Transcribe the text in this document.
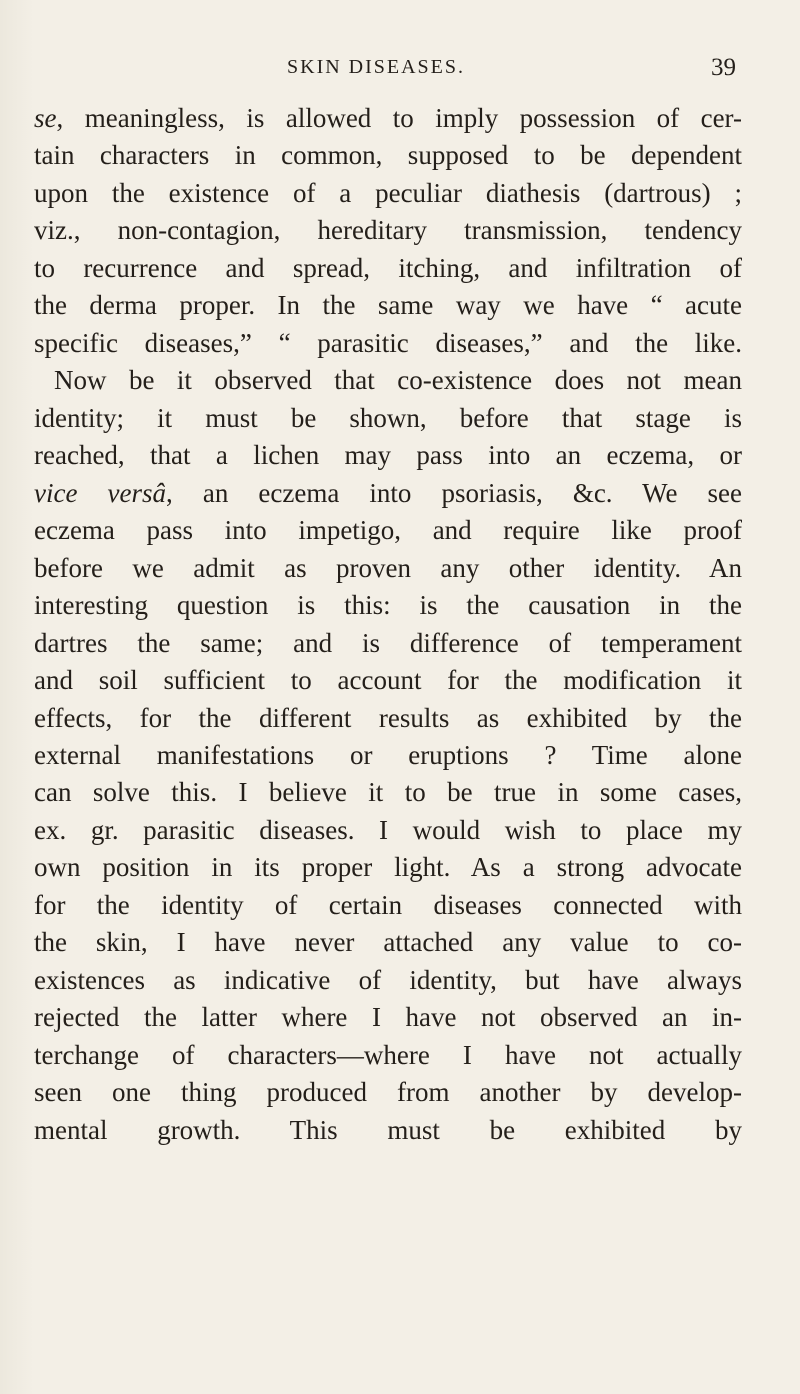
SKIN DISEASES.	39
se, meaningless, is allowed to imply possession of cer-
tain characters in common, supposed to be dependent
upon the existence of a peculiar diathesis (dartrous) ;
viz., non-contagion, hereditary transmission, tendency
to recurrence and spread, itching, and infiltration of
the derma proper. In the same way we have “ acute
specific diseases,” “ parasitic diseases,” and the like.
Now be it observed that co-existence does not mean
identity; it must be shown, before that stage is
reached, that a lichen may pass into an eczema, or
vice versâ, an eczema into psoriasis, &c. We see
eczema pass into impetigo, and require like proof
before we admit as proven any other identity. An
interesting question is this: is the causation in the
dartres the same; and is difference of temperament
and soil sufficient to account for the modification it
effects, for the different results as exhibited by the
external manifestations or eruptions ? Time alone
can solve this. I believe it to be true in some cases,
ex. gr. parasitic diseases. I would wish to place my
own position in its proper light. As a strong advocate
for the identity of certain diseases connected with
the skin, I have never attached any value to co-
existences as indicative of identity, but have always
rejected the latter where I have not observed an in-
terchange of characters—where I have not actually
seen one thing produced from another by develop-
mental growth. This must be exhibited by
